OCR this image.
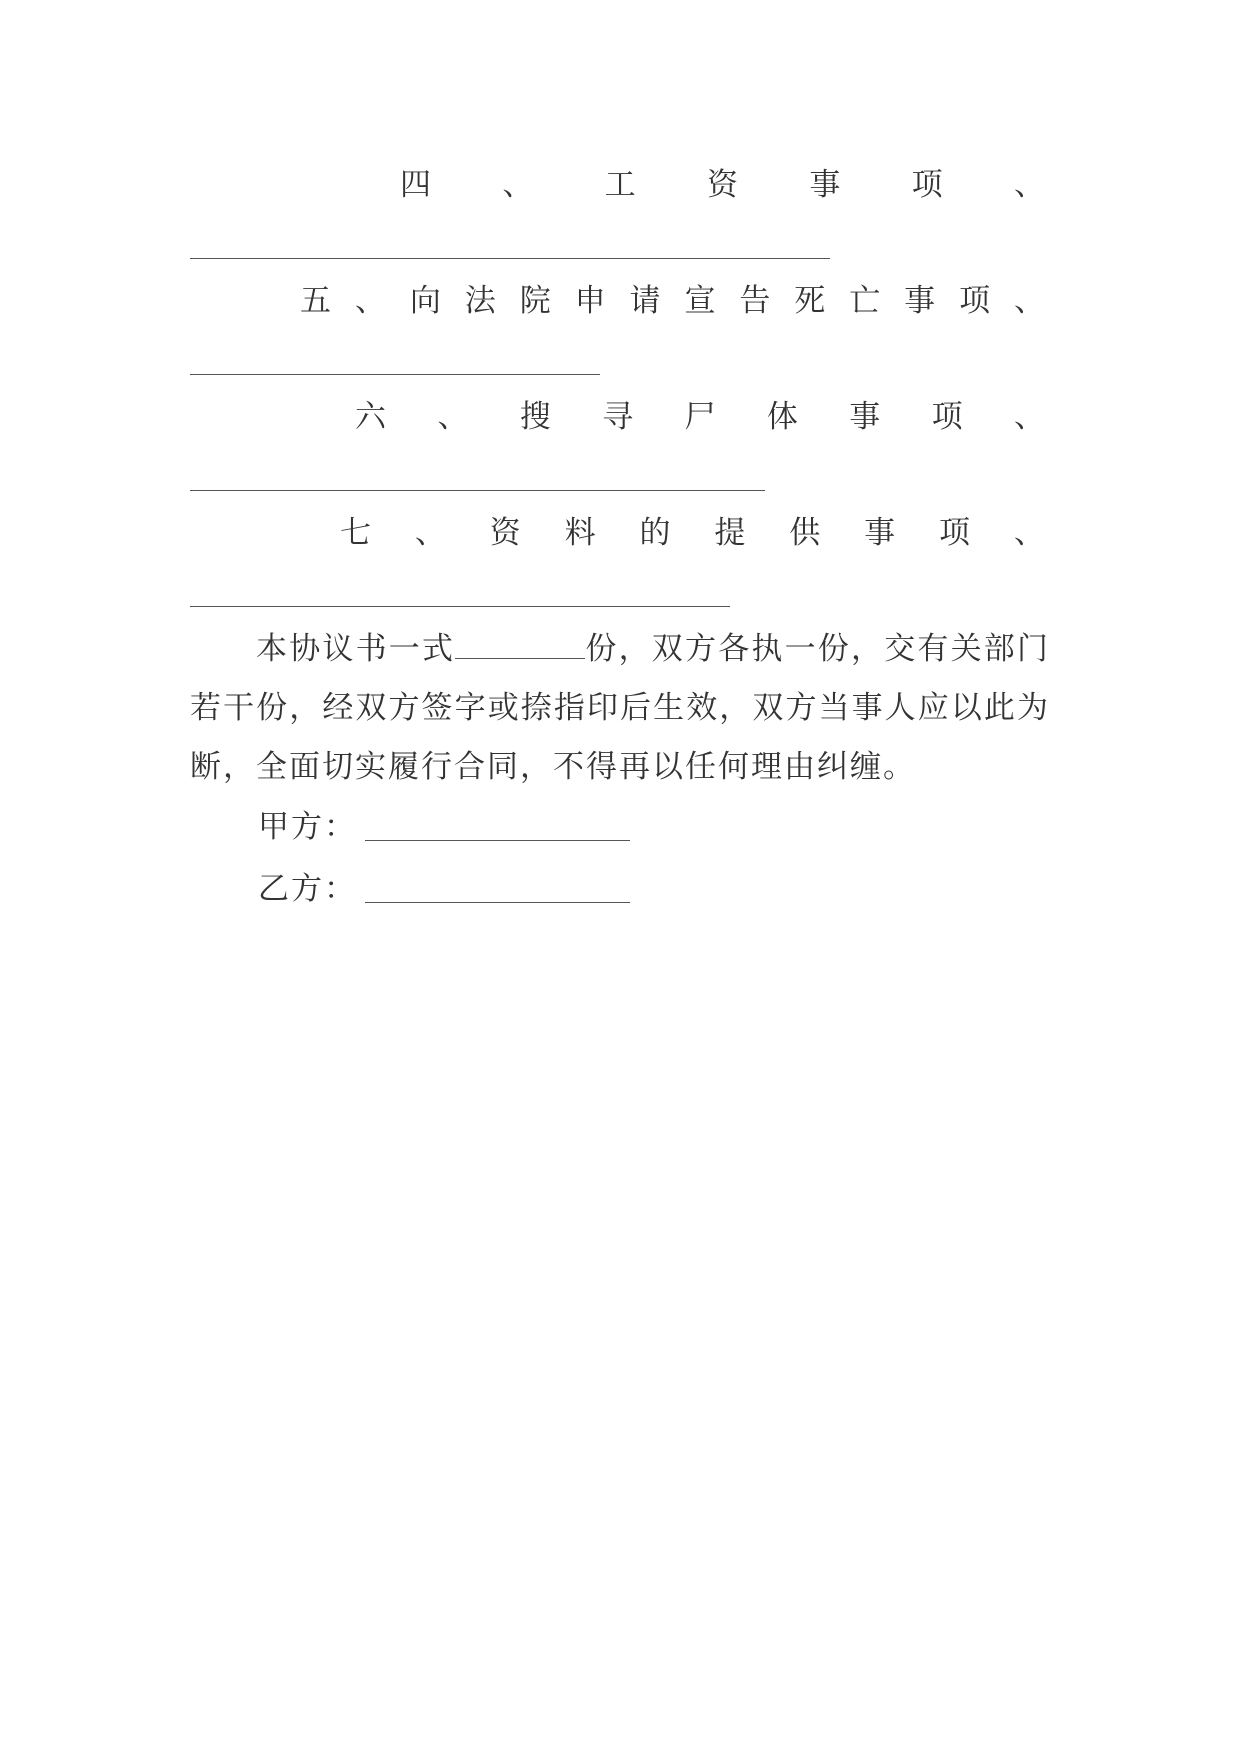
四 、 工 资 事 项 、
五 、 向 法 院 申 请 宣 告 死 亡 事 项 、
六 、 搜 寻 尸 体 事 项 、
七 、 资 料 的 提 供 事 项 、
本协议书一式	份，双方各执一份，交有关部门若干份，经双方签字或捺指印后生效，双方当事人应以此为断，全面切实履行合同，不得再以任何理由纠缠。
甲方：
乙方：
